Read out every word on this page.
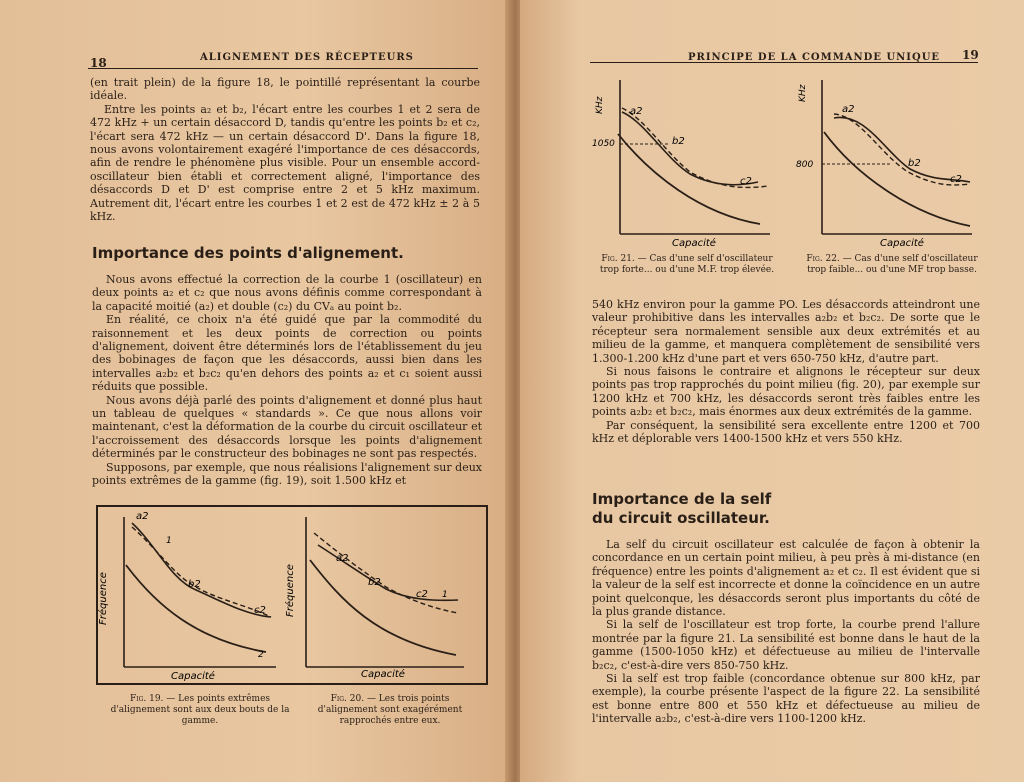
18	ALIGNEMENT DES RÉCEPTEURS

(en trait plein) de la figure 18, le pointillé représentant la courbe idéale.

Entre les points a₂ et b₂, l'écart entre les courbes 1 et 2 sera de 472 kHz + un certain désaccord D, tandis qu'entre les points b₂ et c₂, l'écart sera 472 kHz — un certain désaccord D'. Dans la figure 18, nous avons volontairement exagéré l'importance de ces désaccords, afin de rendre le phénomène plus visible. Pour un ensemble accord-oscillateur bien établi et correctement aligné, l'importance des désaccords D et D' est comprise entre 2 et 5 kHz maximum. Autrement dit, l'écart entre les courbes 1 et 2 est de 472 kHz ± 2 à 5 kHz.

Importance des points d'alignement.

Nous avons effectué la correction de la courbe 1 (oscillateur) en deux points a₂ et c₂ que nous avons définis comme correspondant à la capacité moitié (a₂) et double (c₂) du CVₐ au point b₂.

En réalité, ce choix n'a été guidé que par la commodité du raisonnement et les deux points de correction ou points d'alignement, doivent être déterminés lors de l'établissement du jeu des bobinages de façon que les désaccords, aussi bien dans les intervalles a₂b₂ et b₂c₂ qu'en dehors des points a₂ et c₁ soient aussi réduits que possible.

Nous avons déjà parlé des points d'alignement et donné plus haut un tableau de quelques « standards ». Ce que nous allons voir maintenant, c'est la déformation de la courbe du circuit oscillateur et l'accroissement des désaccords lorsque les points d'alignement déterminés par le constructeur des bobinages ne sont pas respectés.

Supposons, par exemple, que nous réalisions l'alignement sur deux points extrêmes de la gamme (fig. 19), soit 1.500 kHz et

Fréquence
Capacité
a2
1
b2
c2
2
Fréquence
Capacité
a2
b2
c2 1
Fig. 19. — Les points extrêmes d'alignement sont aux deux bouts de la gamme.
Fig. 20. — Les trois points d'alignement sont exagérément rapprochés entre eux.
PRINCIPE DE LA COMMANDE UNIQUE 19
KHz
1050
Capacité
a2
b2
c2
KHz
800
Capacité
a2
b2
c2
Fig. 21. — Cas d'une self d'oscillateur trop forte... ou d'une M.F. trop élevée.
Fig. 22. — Cas d'une self d'oscillateur trop faible... ou d'une MF trop basse.

540 kHz environ pour la gamme PO. Les désaccords atteindront une valeur prohibitive dans les intervalles a₂b₂ et b₂c₂. De sorte que le récepteur sera normalement sensible aux deux extrémités et au milieu de la gamme, et manquera complètement de sensibilité vers 1.300-1.200 kHz d'une part et vers 650-750 kHz, d'autre part.

Si nous faisons le contraire et alignons le récepteur sur deux points pas trop rapprochés du point milieu (fig. 20), par exemple sur 1200 kHz et 700 kHz, les désaccords seront très faibles entre les points a₂b₂ et b₂c₂, mais énormes aux deux extrémités de la gamme.

Par conséquent, la sensibilité sera excellente entre 1200 et 700 kHz et déplorable vers 1400-1500 kHz et vers 550 kHz.

Importance de la self
du circuit oscillateur.

La self du circuit oscillateur est calculée de façon à obtenir la concordance en un certain point milieu, à peu près à mi-distance (en fréquence) entre les points d'alignement a₂ et c₂. Il est évident que si la valeur de la self est incorrecte et donne la coïncidence en un autre point quelconque, les désaccords seront plus importants du côté de la plus grande distance.

Si la self de l'oscillateur est trop forte, la courbe prend l'allure montrée par la figure 21. La sensibilité est bonne dans le haut de la gamme (1500-1050 kHz) et défectueuse au milieu de l'intervalle b₂c₂, c'est-à-dire vers 850-750 kHz.

Si la self est trop faible (concordance obtenue sur 800 kHz, par exemple), la courbe présente l'aspect de la figure 22. La sensibilité est bonne entre 800 et 550 kHz et défectueuse au milieu de l'intervalle a₂b₂, c'est-à-dire vers 1100-1200 kHz.
